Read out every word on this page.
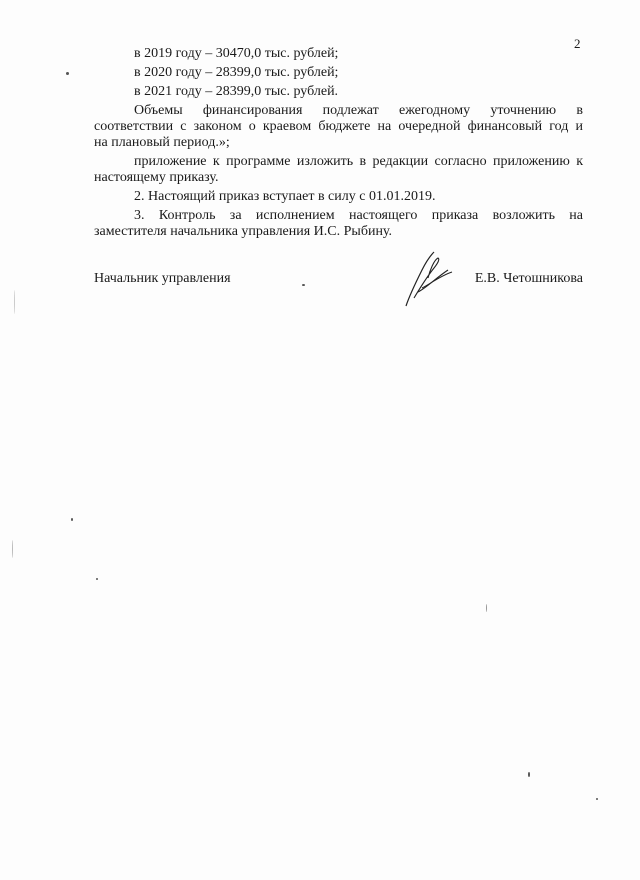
2
в 2019 году – 30470,0 тыс. рублей;
в 2020 году – 28399,0 тыс. рублей;
в 2021 году – 28399,0 тыс. рублей.
Объемы финансирования подлежат ежегодному уточнению в
соответствии с законом о краевом бюджете на очередной финансовый год и
на плановый период.»;
приложение к программе изложить в редакции согласно приложению к
настоящему приказу.
2. Настоящий приказ вступает в силу с 01.01.2019.
3. Контроль за исполнением настоящего приказа возложить на
заместителя начальника управления И.С. Рыбину.
Начальник управления	Е.В. Четошникова
